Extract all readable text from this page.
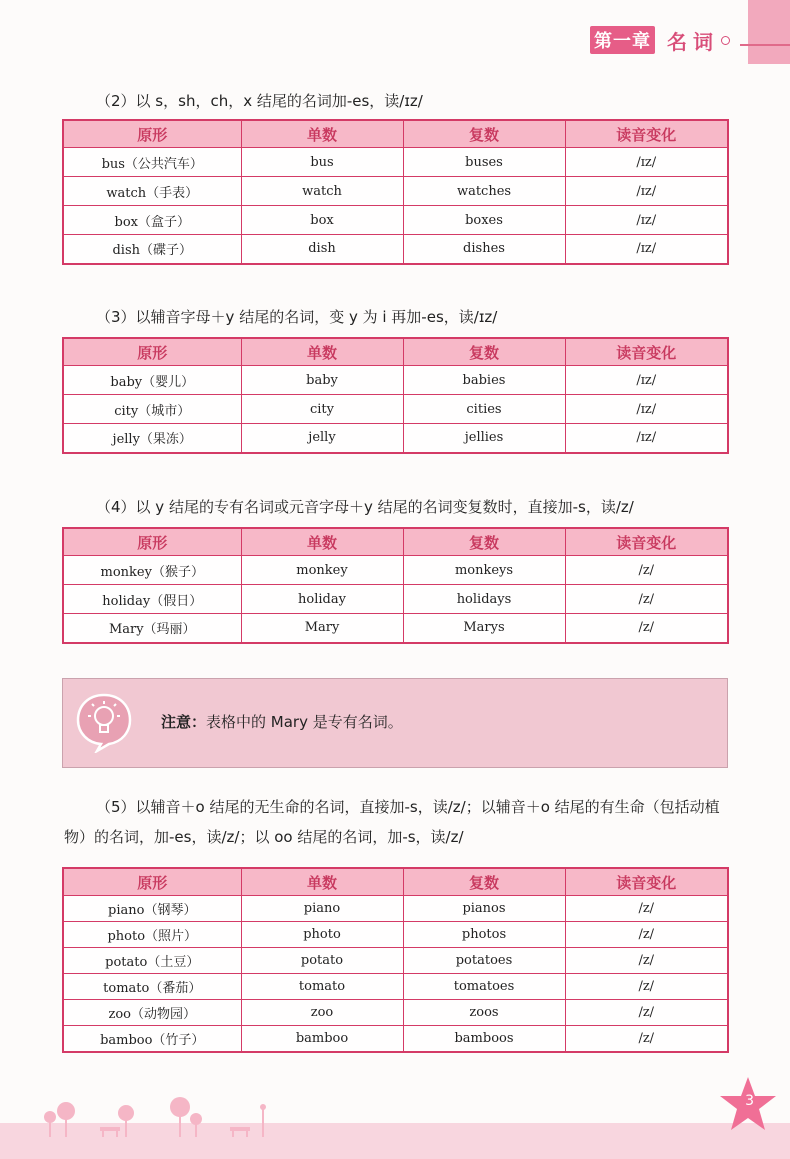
第一章 名词
（2）以 s，sh，ch，x 结尾的名词加-es，读/ɪz/
原形	单数	复数	读音变化
bus（公共汽车）	bus	buses	/ɪz/
watch（手表）	watch	watches	/ɪz/
box（盒子）	box	boxes	/ɪz/
dish（碟子）	dish	dishes	/ɪz/
（3）以辅音字母＋y 结尾的名词，变 y 为 i 再加-es，读/ɪz/
原形	单数	复数	读音变化
baby（婴儿）	baby	babies	/ɪz/
city（城市）	city	cities	/ɪz/
jelly（果冻）	jelly	jellies	/ɪz/
（4）以 y 结尾的专有名词或元音字母＋y 结尾的名词变复数时，直接加-s，读/z/
原形	单数	复数	读音变化
monkey（猴子）	monkey	monkeys	/z/
holiday（假日）	holiday	holidays	/z/
Mary（玛丽）	Mary	Marys	/z/
注意：表格中的 Mary 是专有名词。
（5）以辅音＋o 结尾的无生命的名词，直接加-s，读/z/；以辅音＋o 结尾的有生命（包括动植物）的名词，加-es，读/z/；以 oo 结尾的名词，加-s，读/z/
原形	单数	复数	读音变化
piano（钢琴）	piano	pianos	/z/
photo（照片）	photo	photos	/z/
potato（土豆）	potato	potatoes	/z/
tomato（番茄）	tomato	tomatoes	/z/
zoo（动物园）	zoo	zoos	/z/
bamboo（竹子）	bamboo	bamboos	/z/
3
